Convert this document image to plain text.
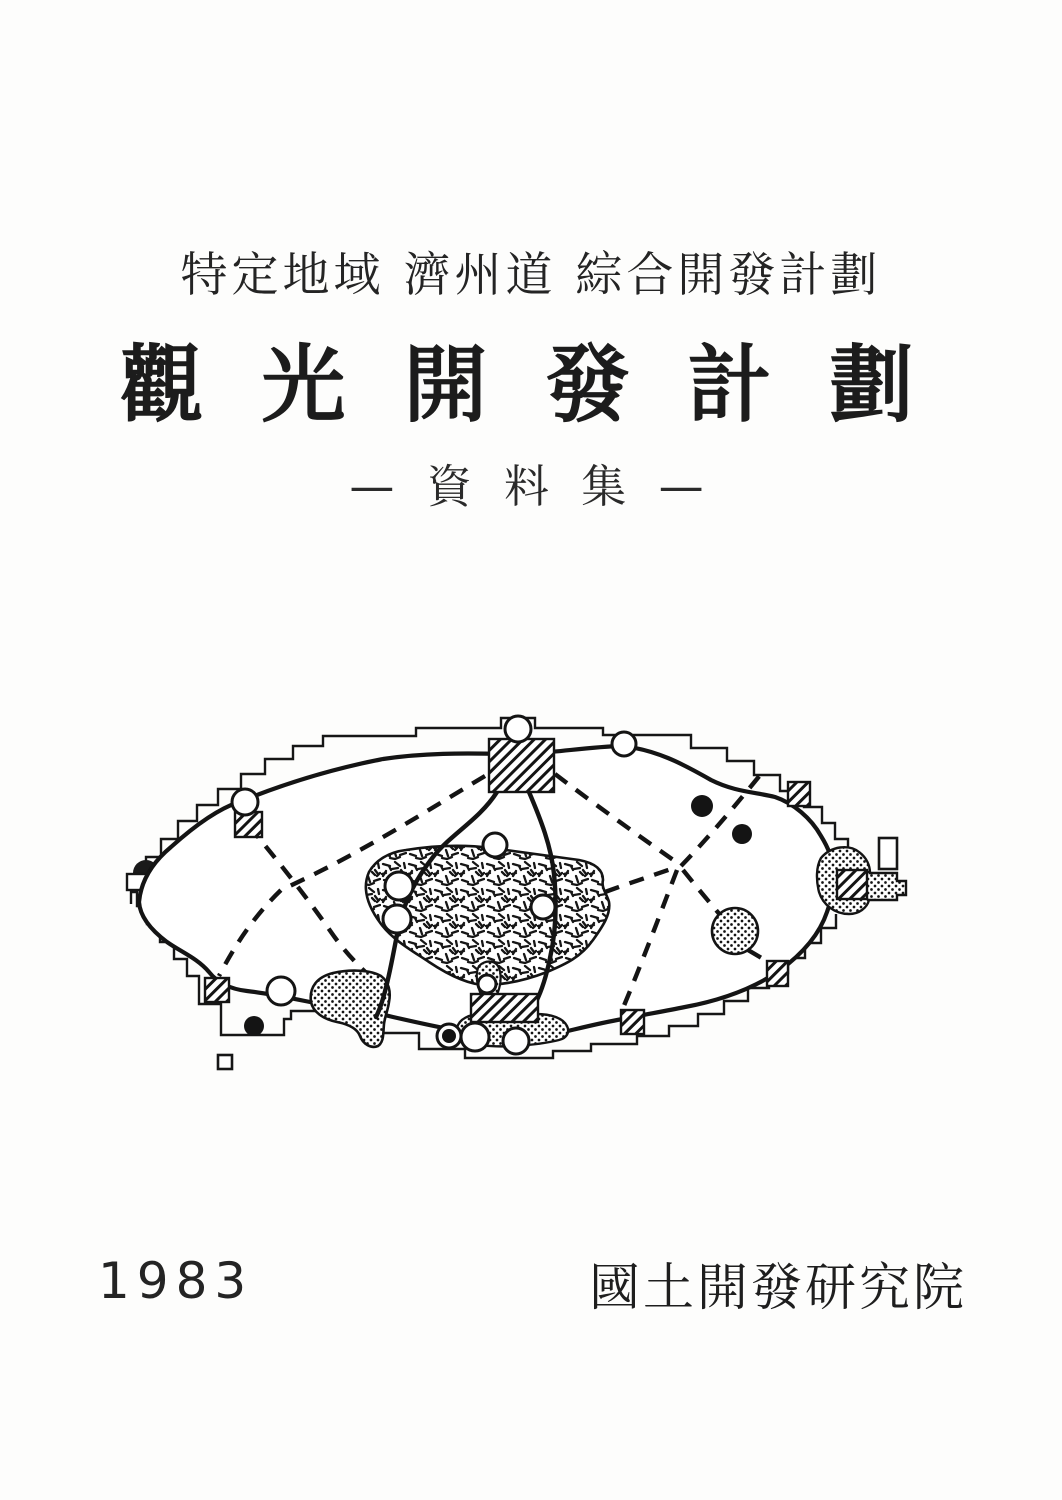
特定地域 濟州道 綜合開發計劃
觀光開發計劃
— 資 料 集 —
1983	國土開發研究院
